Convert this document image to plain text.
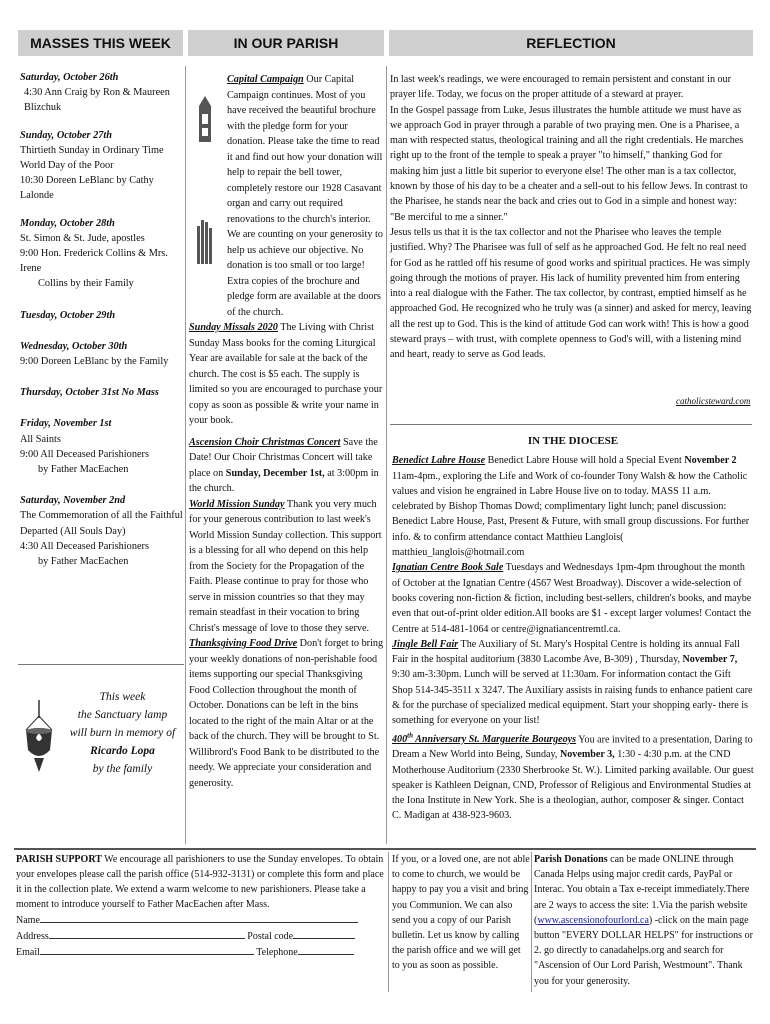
MASSES THIS WEEK	IN OUR PARISH	REFLECTION
Saturday, October 26th
4:30 Ann Craig by Ron & Maureen Blizchuk
Sunday, October 27th
Thirtieth Sunday in Ordinary Time
World Day of the Poor
10:30 Doreen LeBlanc by Cathy Lalonde
Monday, October 28th
St. Simon & St. Jude, apostles
9:00 Hon. Frederick Collins & Mrs. Irene
Collins by their Family
Tuesday, October 29th
Wednesday, October 30th
9:00 Doreen LeBlanc by the Family
Thursday, October 31st No Mass
Friday, November 1st
All Saints
9:00 All Deceased Parishioners
by Father MacEachen
Saturday, November 2nd
The Commemoration of all the Faithful
Departed (All Souls Day)
4:30 All Deceased Parishioners
by Father MacEachen
This week
the Sanctuary lamp
will burn in memory of
Ricardo Lopa
by the family

Capital Campaign Our Capital Campaign continues. Most of you have received the beautiful brochure with the pledge form for your donation. Please take the time to read it and find out how your donation will help to repair the bell tower, completely restore our 1928 Casavant organ and carry out required renovations to the church's interior. We are counting on your generosity to help us achieve our objective. No donation is too small or too large! Extra copies of the brochure and pledge form are available at the doors of the church.

Sunday Missals 2020 The Living with Christ Sunday Mass books for the coming Liturgical Year are available for sale at the back of the church. The cost is $5 each. The supply is limited so you are encouraged to purchase your copy as soon as possible & write your name in your book.

Ascension Choir Christmas Concert Save the Date! Our Choir Christmas Concert will take place on Sunday, December 1st, at 3:00pm in the church.

World Mission Sunday Thank you very much for your generous contribution to last week's World Mission Sunday collection. This support is a blessing for all who depend on this help from the Society for the Propagation of the Faith. Please continue to pray for those who serve in mission countries so that they may remain steadfast in their vocation to bring Christ's message of love to those they serve.

Thanksgiving Food Drive Don't forget to bring your weekly donations of non-perishable food items supporting our special Thanksgiving Food Collection throughout the month of October. Donations can be left in the bins located to the right of the main Altar or at the back of the church. They will be brought to St. Willibrord's Food Bank to be distributed to the needy. We appreciate your consideration and generosity.

In last week's readings, we were encouraged to remain persistent and constant in our prayer life. Today, we focus on the proper attitude of a steward at prayer.

In the Gospel passage from Luke, Jesus illustrates the humble attitude we must have as we approach God in prayer through a parable of two praying men. One is a Pharisee, a man with respected status, theological training and all the right credentials. He marches right up to the front of the temple to speak a prayer "to himself," thanking God for making him just a little bit superior to everyone else! The other man is a tax collector, known by those of his day to be a cheater and a sell-out to his fellow Jews. In contrast to the Pharisee, he stands near the back and cries out to God in a simple and honest way: "Be merciful to me a sinner."

Jesus tells us that it is the tax collector and not the Pharisee who leaves the temple justified. Why? The Pharisee was full of self as he approached God. He felt no real need for God as he rattled off his resume of good works and spiritual practices. He was simply going through the motions of prayer. His lack of humility prevented him from entering into a real dialogue with the Father. The tax collector, by contrast, emptied himself as he approached God. He recognized who he truly was (a sinner) and asked for mercy, leaving all the rest up to God. This is the kind of attitude God can work with! This is how a good steward prays – with trust, with complete openness to God's will, with a listening mind and heart, ready to serve as God leads.

catholicsteward.com
IN THE DIOCESE

Benedict Labre House Benedict Labre House will hold a Special Event November 2 11am-4pm., exploring the Life and Work of co-founder Tony Walsh & how the Catholic values and vision he engrained in Labre House live on to today. MASS 11 a.m. celebrated by Bishop Thomas Dowd; complimentary light lunch; panel discussion: Benedict Labre House, Past, Present & Future, with small group discussions. For further info. & to confirm attendance contact Matthieu Langlois( matthieu_langlois@hotmail.com

Ignatian Centre Book Sale Tuesdays and Wednesdays 1pm-4pm throughout the month of October at the Ignatian Centre (4567 West Broadway). Discover a wide-selection of books covering non-fiction & fiction, including best-sellers, children's books, and maybe even that out-of-print older edition.All books are $1 - except larger volumes! Contact the Centre at 514-481-1064 or centre@ignatiancentremtl.ca.

Jingle Bell Fair The Auxiliary of St. Mary's Hospital Centre is holding its annual Fall Fair in the hospital auditorium (3830 Lacombe Ave, B-309) , Thursday, November 7, 9:30 am-3:30pm. Lunch will be served at 11:30am. For information contact the Gift Shop 514-345-3511 x 3247. The Auxiliary assists in raising funds to enhance patient care & for the purchase of specialized medical equipment. Start your shopping early- there is something for everyone on your list!

400th Anniversary St. Marguerite Bourgeoys You are invited to a presentation, Daring to Dream a New World into Being, Sunday, November 3, 1:30 - 4:30 p.m. at the CND Motherhouse Auditorium (2330 Sherbrooke St. W.). Limited parking available. Our guest speaker is Kathleen Deignan, CND, Professor of Religious and Environmental Studies at the Iona Institute in New York. She is a theologian, author, composer & singer. Contact C. Madigan at 438-923-9603.

PARISH SUPPORT We encourage all parishioners to use the Sunday envelopes. To obtain your envelopes please call the parish office (514-932-3131) or complete this form and place it in the collection plate. We extend a warm welcome to new parishioners. Please take a moment to introduce yourself to Father MacEachen after Mass.

Name

Address	Postal code

Email	Telephone

If you, or a loved one, are not able to come to church, we would be happy to pay you a visit and bring you Communion. We can also send you a copy of our Parish bulletin. Let us know by calling the parish office and we will get to you as soon as possible.

Parish Donations can be made ONLINE through Canada Helps using major credit cards, PayPal or Interac. You obtain a Tax e-receipt immediately.There are 2 ways to access the site: 1.Via the parish website (www.ascensionofourlord.ca) -click on the main page button "EVERY DOLLAR HELPS" for instructions or 2. go directly to canadahelps.org and search for "Ascension of Our Lord Parish, Westmount". Thank you for your generosity.
